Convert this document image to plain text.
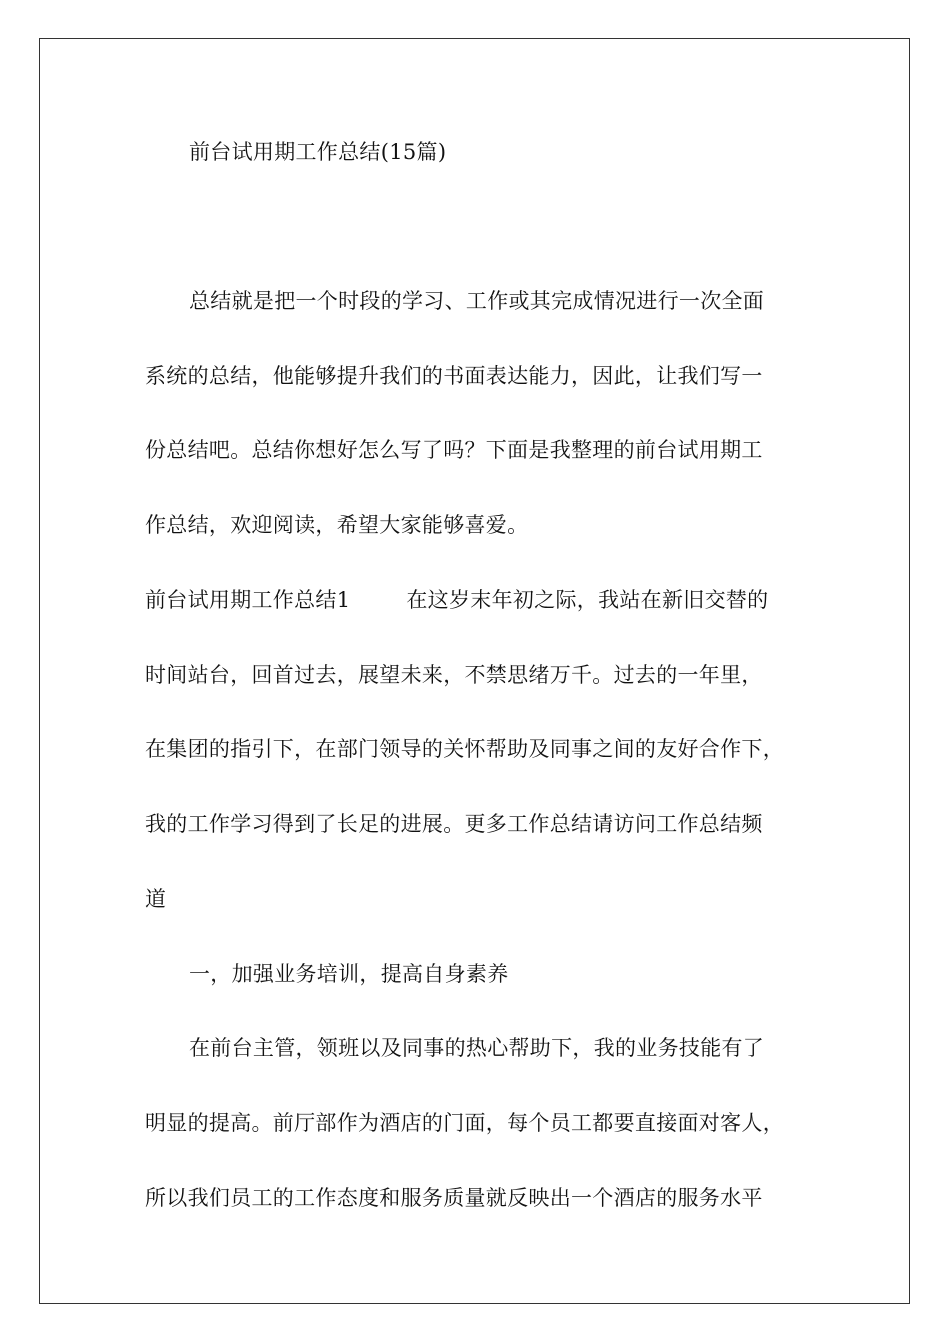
前台试用期工作总结(15篇)
总结就是把一个时段的学习、工作或其完成情况进行一次全面
系统的总结，他能够提升我们的书面表达能力，因此，让我们写一
份总结吧。总结你想好怎么写了吗？下面是我整理的前台试用期工
作总结，欢迎阅读，希望大家能够喜爱。
前台试用期工作总结1	在这岁末年初之际，我站在新旧交替的
时间站台，回首过去，展望未来，不禁思绪万千。过去的一年里，
在集团的指引下，在部门领导的关怀帮助及同事之间的友好合作下，
我的工作学习得到了长足的进展。更多工作总结请访问工作总结频
道
一，加强业务培训，提高自身素养
在前台主管，领班以及同事的热心帮助下，我的业务技能有了
明显的提高。前厅部作为酒店的门面，每个员工都要直接面对客人，
所以我们员工的工作态度和服务质量就反映出一个酒店的服务水平
